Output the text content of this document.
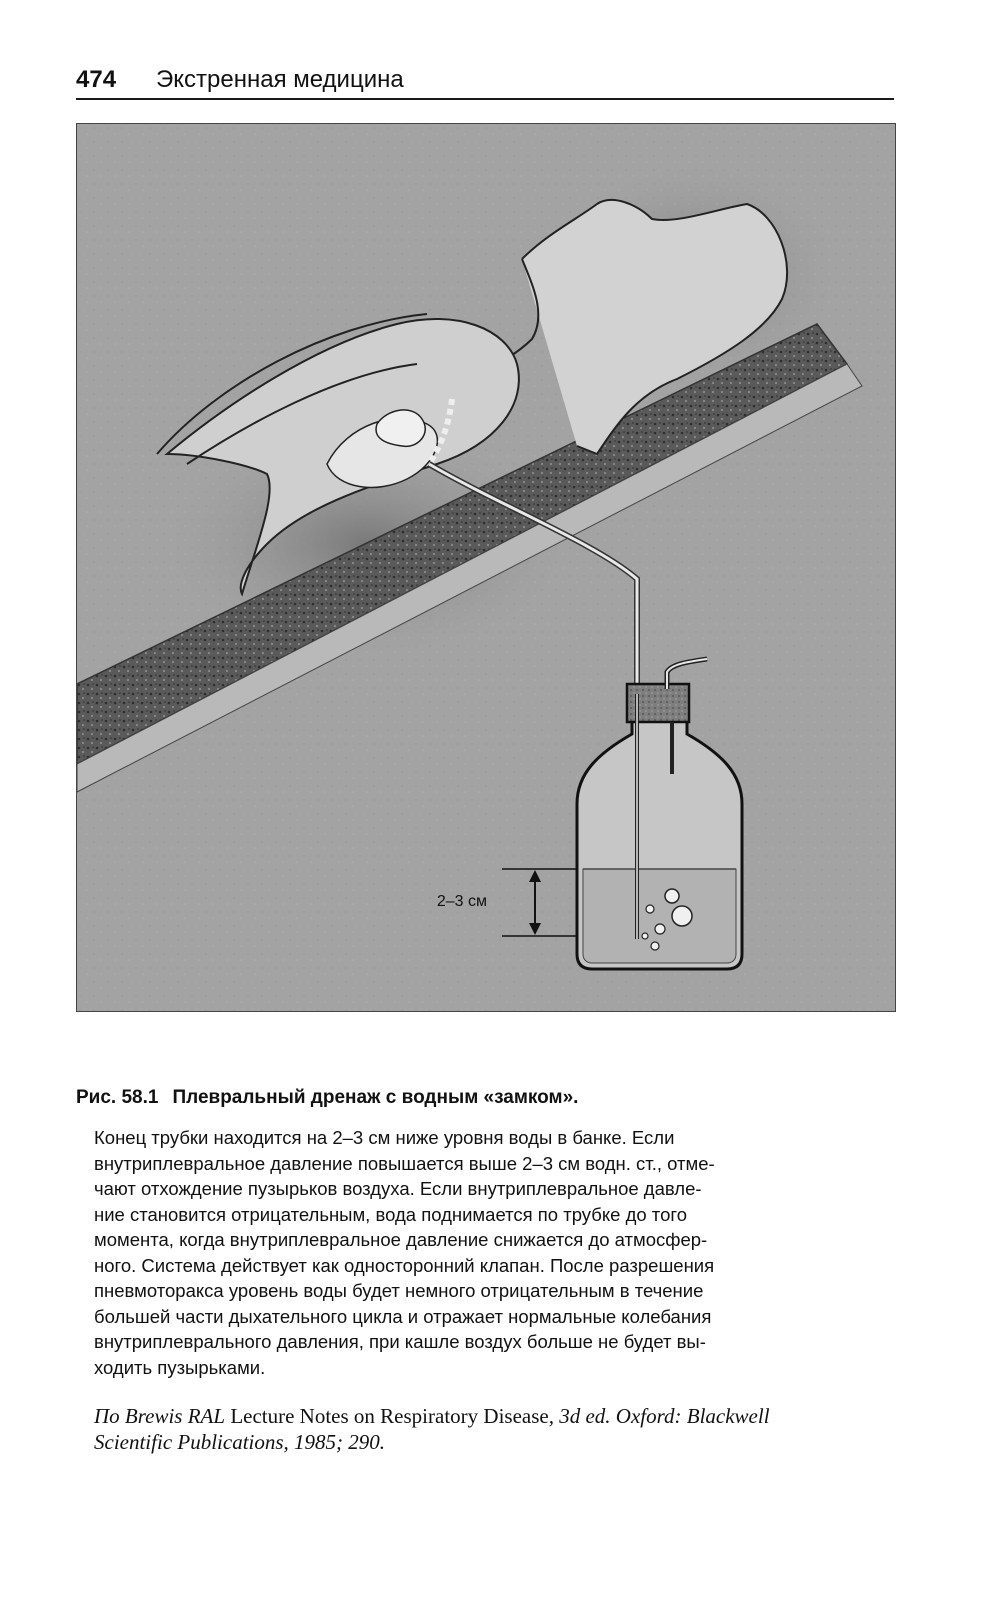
474 Экстренная медицина
2–3 см
Рис. 58.1 Плевральный дренаж с водным «замком».
Конец трубки находится на 2–3 см ниже уровня воды в банке. Если
внутриплевральное давление повышается выше 2–3 см водн. ст., отме-
чают отхождение пузырьков воздуха. Если внутриплевральное давле-
ние становится отрицательным, вода поднимается по трубке до того
момента, когда внутриплевральное давление снижается до атмосфер-
ного. Система действует как односторонний клапан. После разрешения
пневмоторакса уровень воды будет немного отрицательным в течение
большей части дыхательного цикла и отражает нормальные колебания
внутриплеврального давления, при кашле воздух больше не будет вы-
ходить пузырьками.
По Brewis RAL Lecture Notes on Respiratory Disease, 3d ed. Oxford: Blackwell
Scientific Publications, 1985; 290.
